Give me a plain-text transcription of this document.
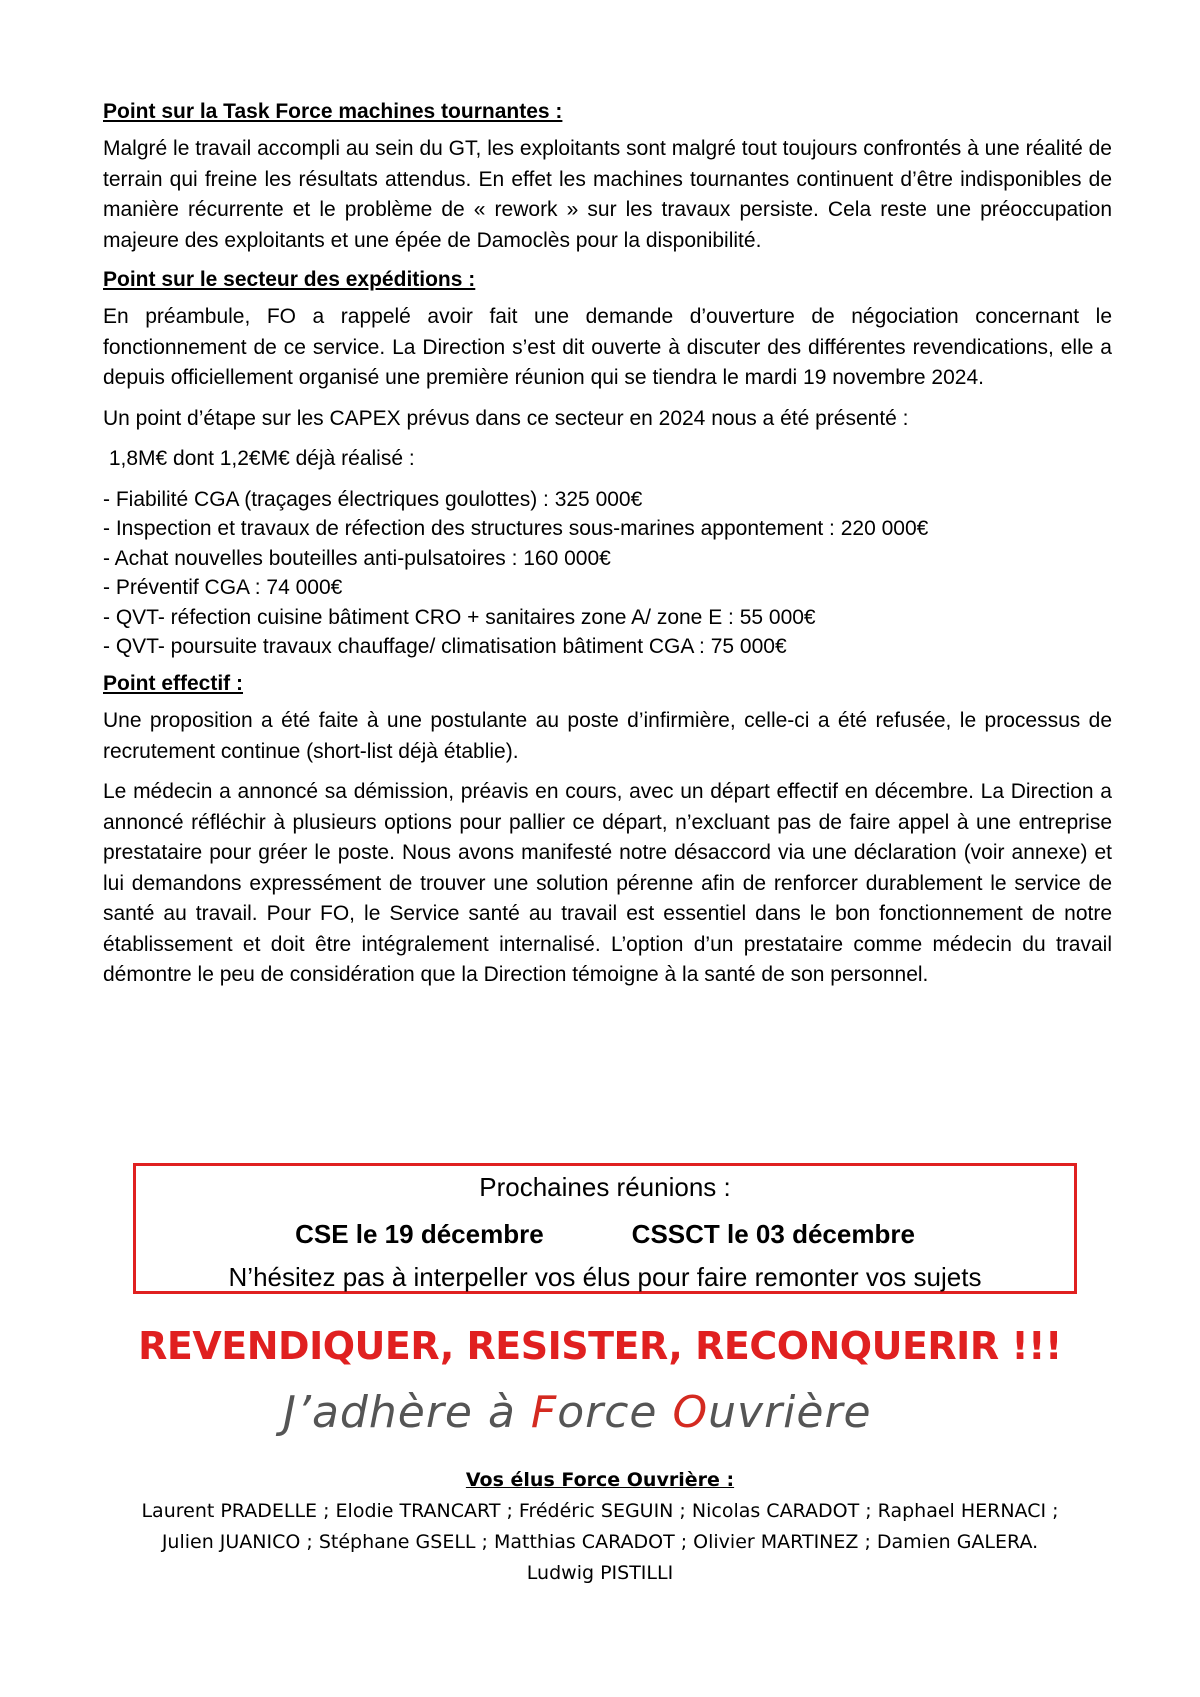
Point sur la Task Force machines tournantes :

Malgré le travail accompli au sein du GT, les exploitants sont malgré tout toujours confrontés à une réalité de terrain qui freine les résultats attendus. En effet les machines tournantes continuent d’être indisponibles de manière récurrente et le problème de « rework » sur les travaux persiste. Cela reste une préoccupation majeure des exploitants et une épée de Damoclès pour la disponibilité.

Point sur le secteur des expéditions :

En préambule, FO a rappelé avoir fait une demande d’ouverture de négociation concernant le fonctionnement de ce service. La Direction s’est dit ouverte à discuter des différentes revendications, elle a depuis officiellement organisé une première réunion qui se tiendra le mardi 19 novembre 2024.

Un point d’étape sur les CAPEX prévus dans ce secteur en 2024 nous a été présenté :

1,8M€ dont 1,2€M€ déjà réalisé :

- Fiabilité CGA (traçages électriques goulottes) : 325 000€
- Inspection et travaux de réfection des structures sous-marines appontement : 220 000€
- Achat nouvelles bouteilles anti-pulsatoires : 160 000€
- Préventif CGA : 74 000€
- QVT- réfection cuisine bâtiment CRO + sanitaires zone A/ zone E : 55 000€
- QVT- poursuite travaux chauffage/ climatisation bâtiment CGA : 75 000€

Point effectif :

Une proposition a été faite à une postulante au poste d’infirmière, celle-ci a été refusée, le processus de recrutement continue (short-list déjà établie).

Le médecin a annoncé sa démission, préavis en cours, avec un départ effectif en décembre. La Direction a annoncé réfléchir à plusieurs options pour pallier ce départ, n’excluant pas de faire appel à une entreprise prestataire pour gréer le poste. Nous avons manifesté notre désaccord via une déclaration (voir annexe) et lui demandons expressément de trouver une solution pérenne afin de renforcer durablement le service de santé au travail. Pour FO, le Service santé au travail est essentiel dans le bon fonctionnement de notre établissement et doit être intégralement internalisé. L’option d’un prestataire comme médecin du travail démontre le peu de considération que la Direction témoigne à la santé de son personnel.

Prochaines réunions :
CSE le 19 décembre	CSSCT le 03 décembre
N’hésitez pas à interpeller vos élus pour faire remonter vos sujets
REVENDIQUER, RESISTER, RECONQUERIR !!!
J’adhère à Force Ouvrière
Vos élus Force Ouvrière :
Laurent PRADELLE ; Elodie TRANCART ; Frédéric SEGUIN ; Nicolas CARADOT ; Raphael HERNACI ; Julien JUANICO ; Stéphane GSELL ; Matthias CARADOT ; Olivier MARTINEZ ; Damien GALERA. Ludwig PISTILLI
